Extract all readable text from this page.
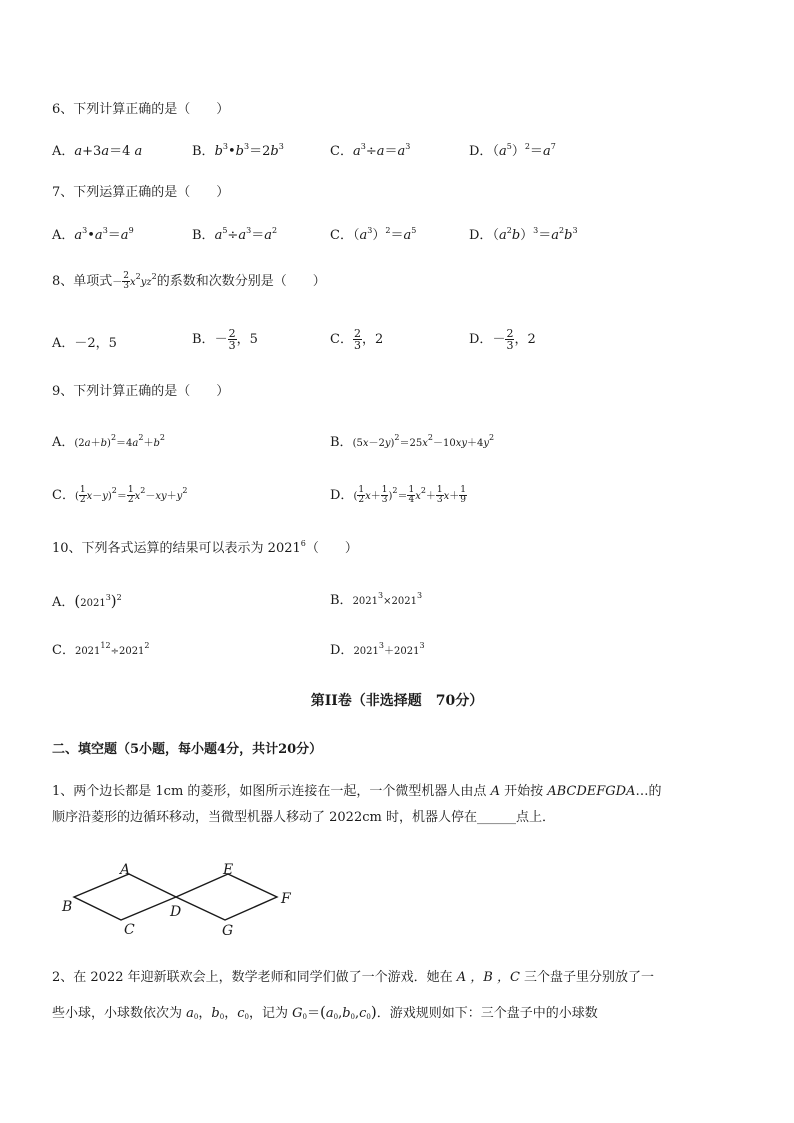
6、下列计算正确的是（　　）
A．a+3a＝4 a	B．$b^3•b^3=2b^3$	C．$a^3\div a=a^3$	D．$(a^5)^2=a^7$
7、下列运算正确的是（　　）
A．$a^3•a^3=a^9$	B．$a^5\div a^3=a^2$	C．$(a^3)^2=a^5$	D．$(a^2b)^3=a^2b^3$
8、单项式－ $\frac{2}{3} x^2yz^2$的系数和次数分别是（　　）
A．－2，5	B．－ $\frac{2}{3}$ ，5	C． $\frac{2}{3}$ ，2	D．－ $\frac{2}{3}$ ，2
9、下列计算正确的是（　　）
A．$(2a+b)^2=4a^2+b^2$	B．$(5x-2y)^2=25x^2-10xy+4y^2$
C．( $\frac{1}{2} x-y)^2= \frac{1}{2} x^2-xy+y^2$	D．( $\frac{1}{2} x+ \frac{1}{3} )^2= \frac{1}{4} x^2+ \frac{1}{3} x+ \frac{1}{9}$
10、下列各式运算的结果可以表示为 2021$^6$（　　）
A．$(2021^3)^2$	B．$2021^3\times 2021^3$
C．$2021^{12}\div 2021^2$	D．$2021^3+2021^3$
第II卷（非选择题　70分）
二、填空题（5小题，每小题4分，共计20分）
1、两个边长都是 1cm 的菱形，如图所示连接在一起，一个微型机器人由点 A 开始按 ABCDEFGDA…的
顺序沿菱形的边循环移动，当微型机器人移动了 2022cm 时，机器人停在______点上．
A
B
C
D
E
F
G
2、在 2022 年迎新联欢会上，数学老师和同学们做了一个游戏．她在 A ，B ，C 三个盘子里分别放了一
些小球，小球数依次为 $a_0$，$b_0$，$c_0$，记为 $G_0=(a_0,b_0,c_0)$．游戏规则如下：三个盘子中的小球数
